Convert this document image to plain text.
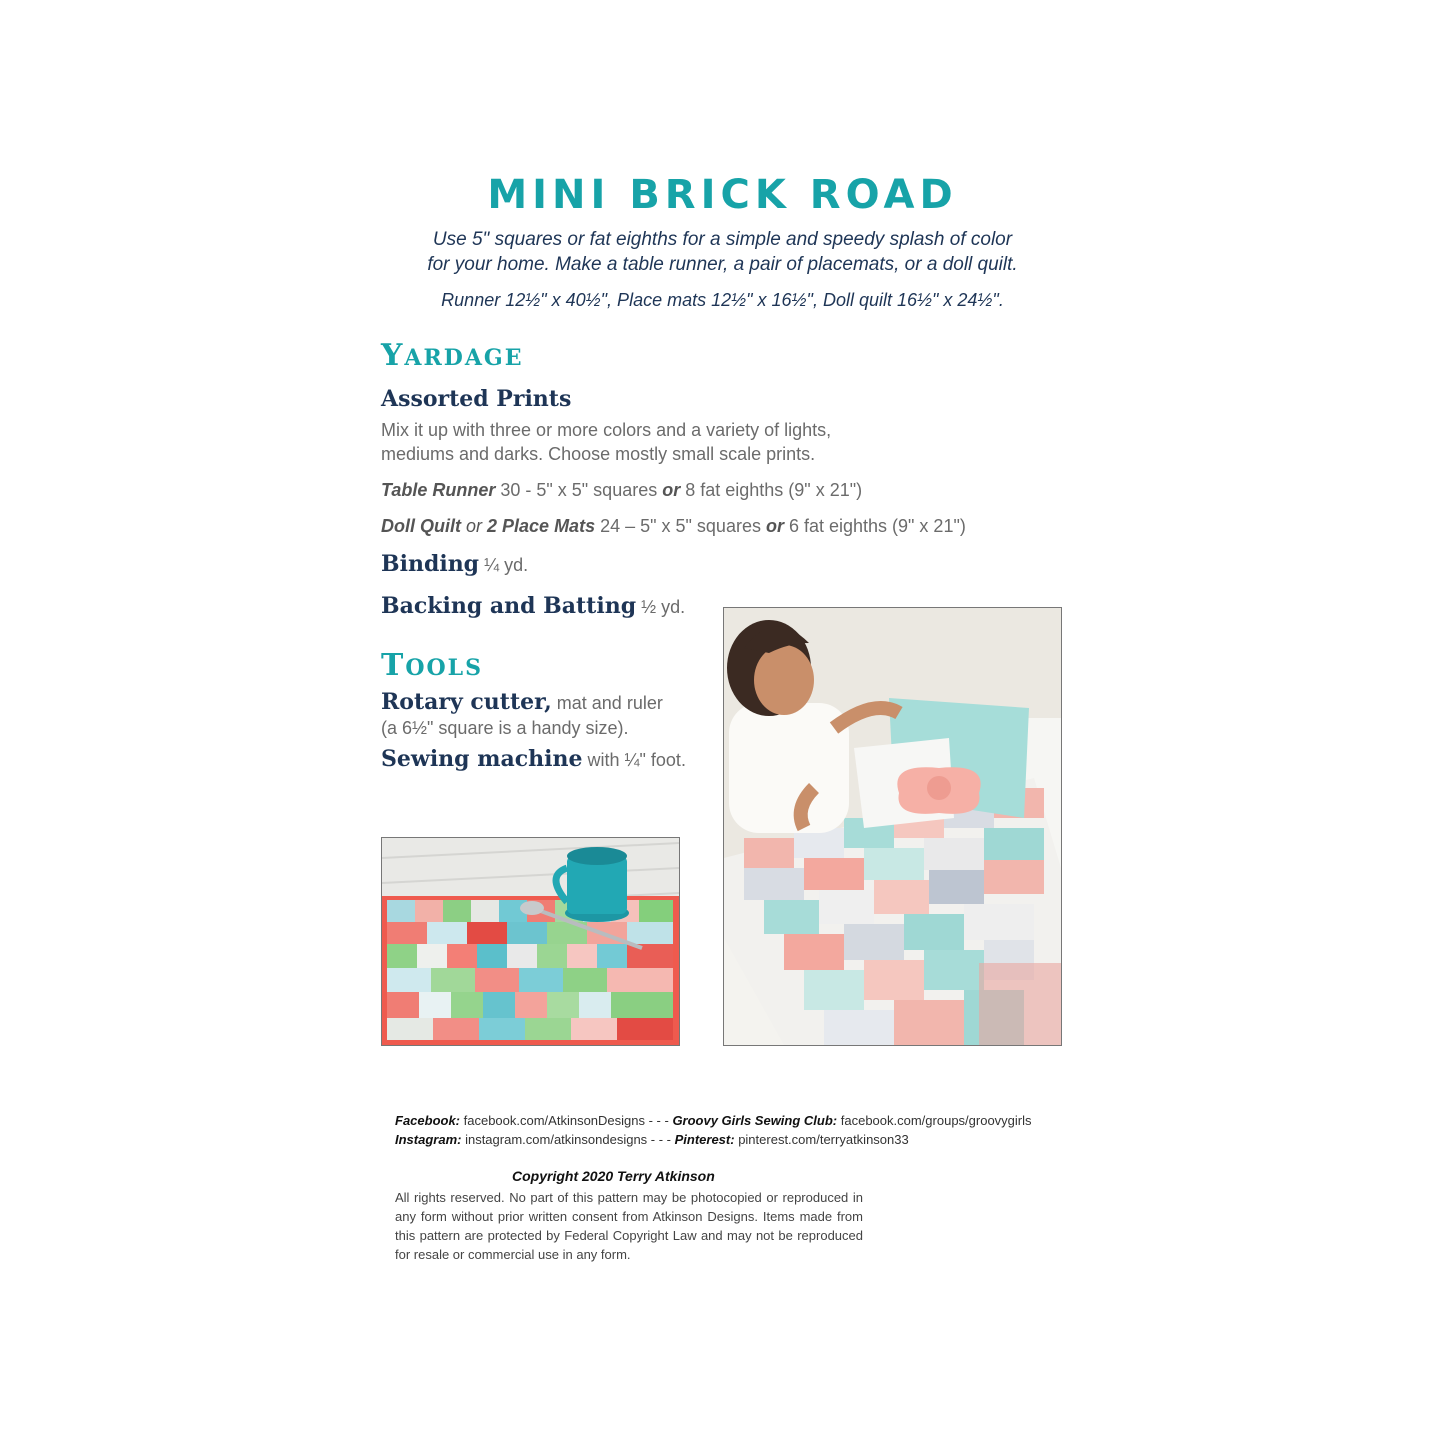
MINI BRICK ROAD
Use 5" squares or fat eighths for a simple and speedy splash of color
for your home. Make a table runner, a pair of placemats, or a doll quilt.
Runner 12½" x 40½", Place mats 12½" x 16½", Doll quilt 16½" x 24½".
YARDAGE
Assorted Prints
Mix it up with three or more colors and a variety of lights,
mediums and darks. Choose mostly small scale prints.
Table Runner 30 - 5" x 5" squares or 8 fat eighths (9" x 21")
Doll Quilt or 2 Place Mats 24 – 5" x 5" squares or 6 fat eighths (9" x 21")
Binding ¼ yd.
Backing and Batting ½ yd.
TOOLS
Rotary cutter, mat and ruler
(a 6½" square is a handy size).
Sewing machine with ¼" foot.
Facebook: facebook.com/AtkinsonDesigns - - - Groovy Girls Sewing Club: facebook.com/groups/groovygirls
Instagram: instagram.com/atkinsondesigns - - - Pinterest: pinterest.com/terryatkinson33
Copyright 2020 Terry Atkinson
All rights reserved. No part of this pattern may be photocopied or reproduced in any form without prior written consent from Atkinson Designs. Items made from this pattern are protected by Federal Copyright Law and may not be reproduced for resale or commercial use in any form.
